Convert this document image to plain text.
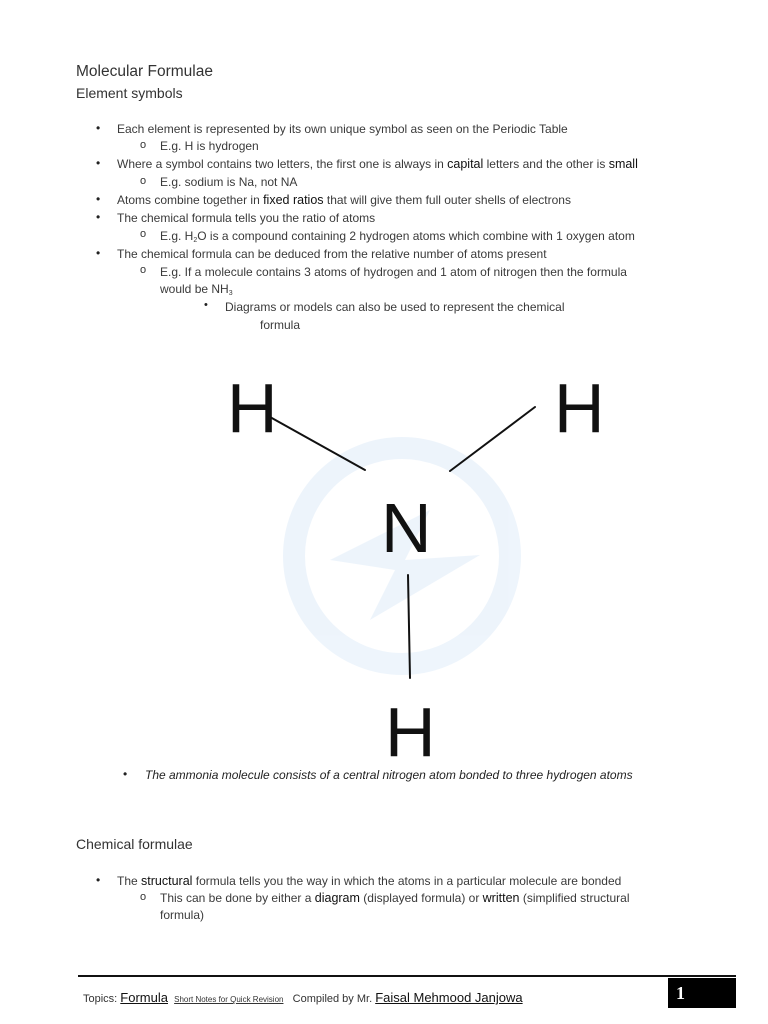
Molecular Formulae
Element symbols
• Each element is represented by its own unique symbol as seen on the Periodic Table
o E.g. H is hydrogen
• Where a symbol contains two letters, the first one is always in capital letters and the other is small
o E.g. sodium is Na, not NA
• Atoms combine together in fixed ratios that will give them full outer shells of electrons
• The chemical formula tells you the ratio of atoms
o E.g. $H_2O$ is a compound containing 2 hydrogen atoms which combine with 1 oxygen atom
• The chemical formula can be deduced from the relative number of atoms present
o E.g. If a molecule contains 3 atoms of hydrogen and 1 atom of nitrogen then the formula
would be $NH_3$
• Diagrams or models can also be used to represent the chemical
formula
H	H
N
H
• The ammonia molecule consists of a central nitrogen atom bonded to three hydrogen atoms
Chemical formulae
• The structural formula tells you the way in which the atoms in a particular molecule are bonded
o This can be done by either a diagram (displayed formula) or written (simplified structural
formula)
Topics: Formula Short Notes for Quick Revision Compiled by Mr. Faisal Mehmood Janjowa	1
